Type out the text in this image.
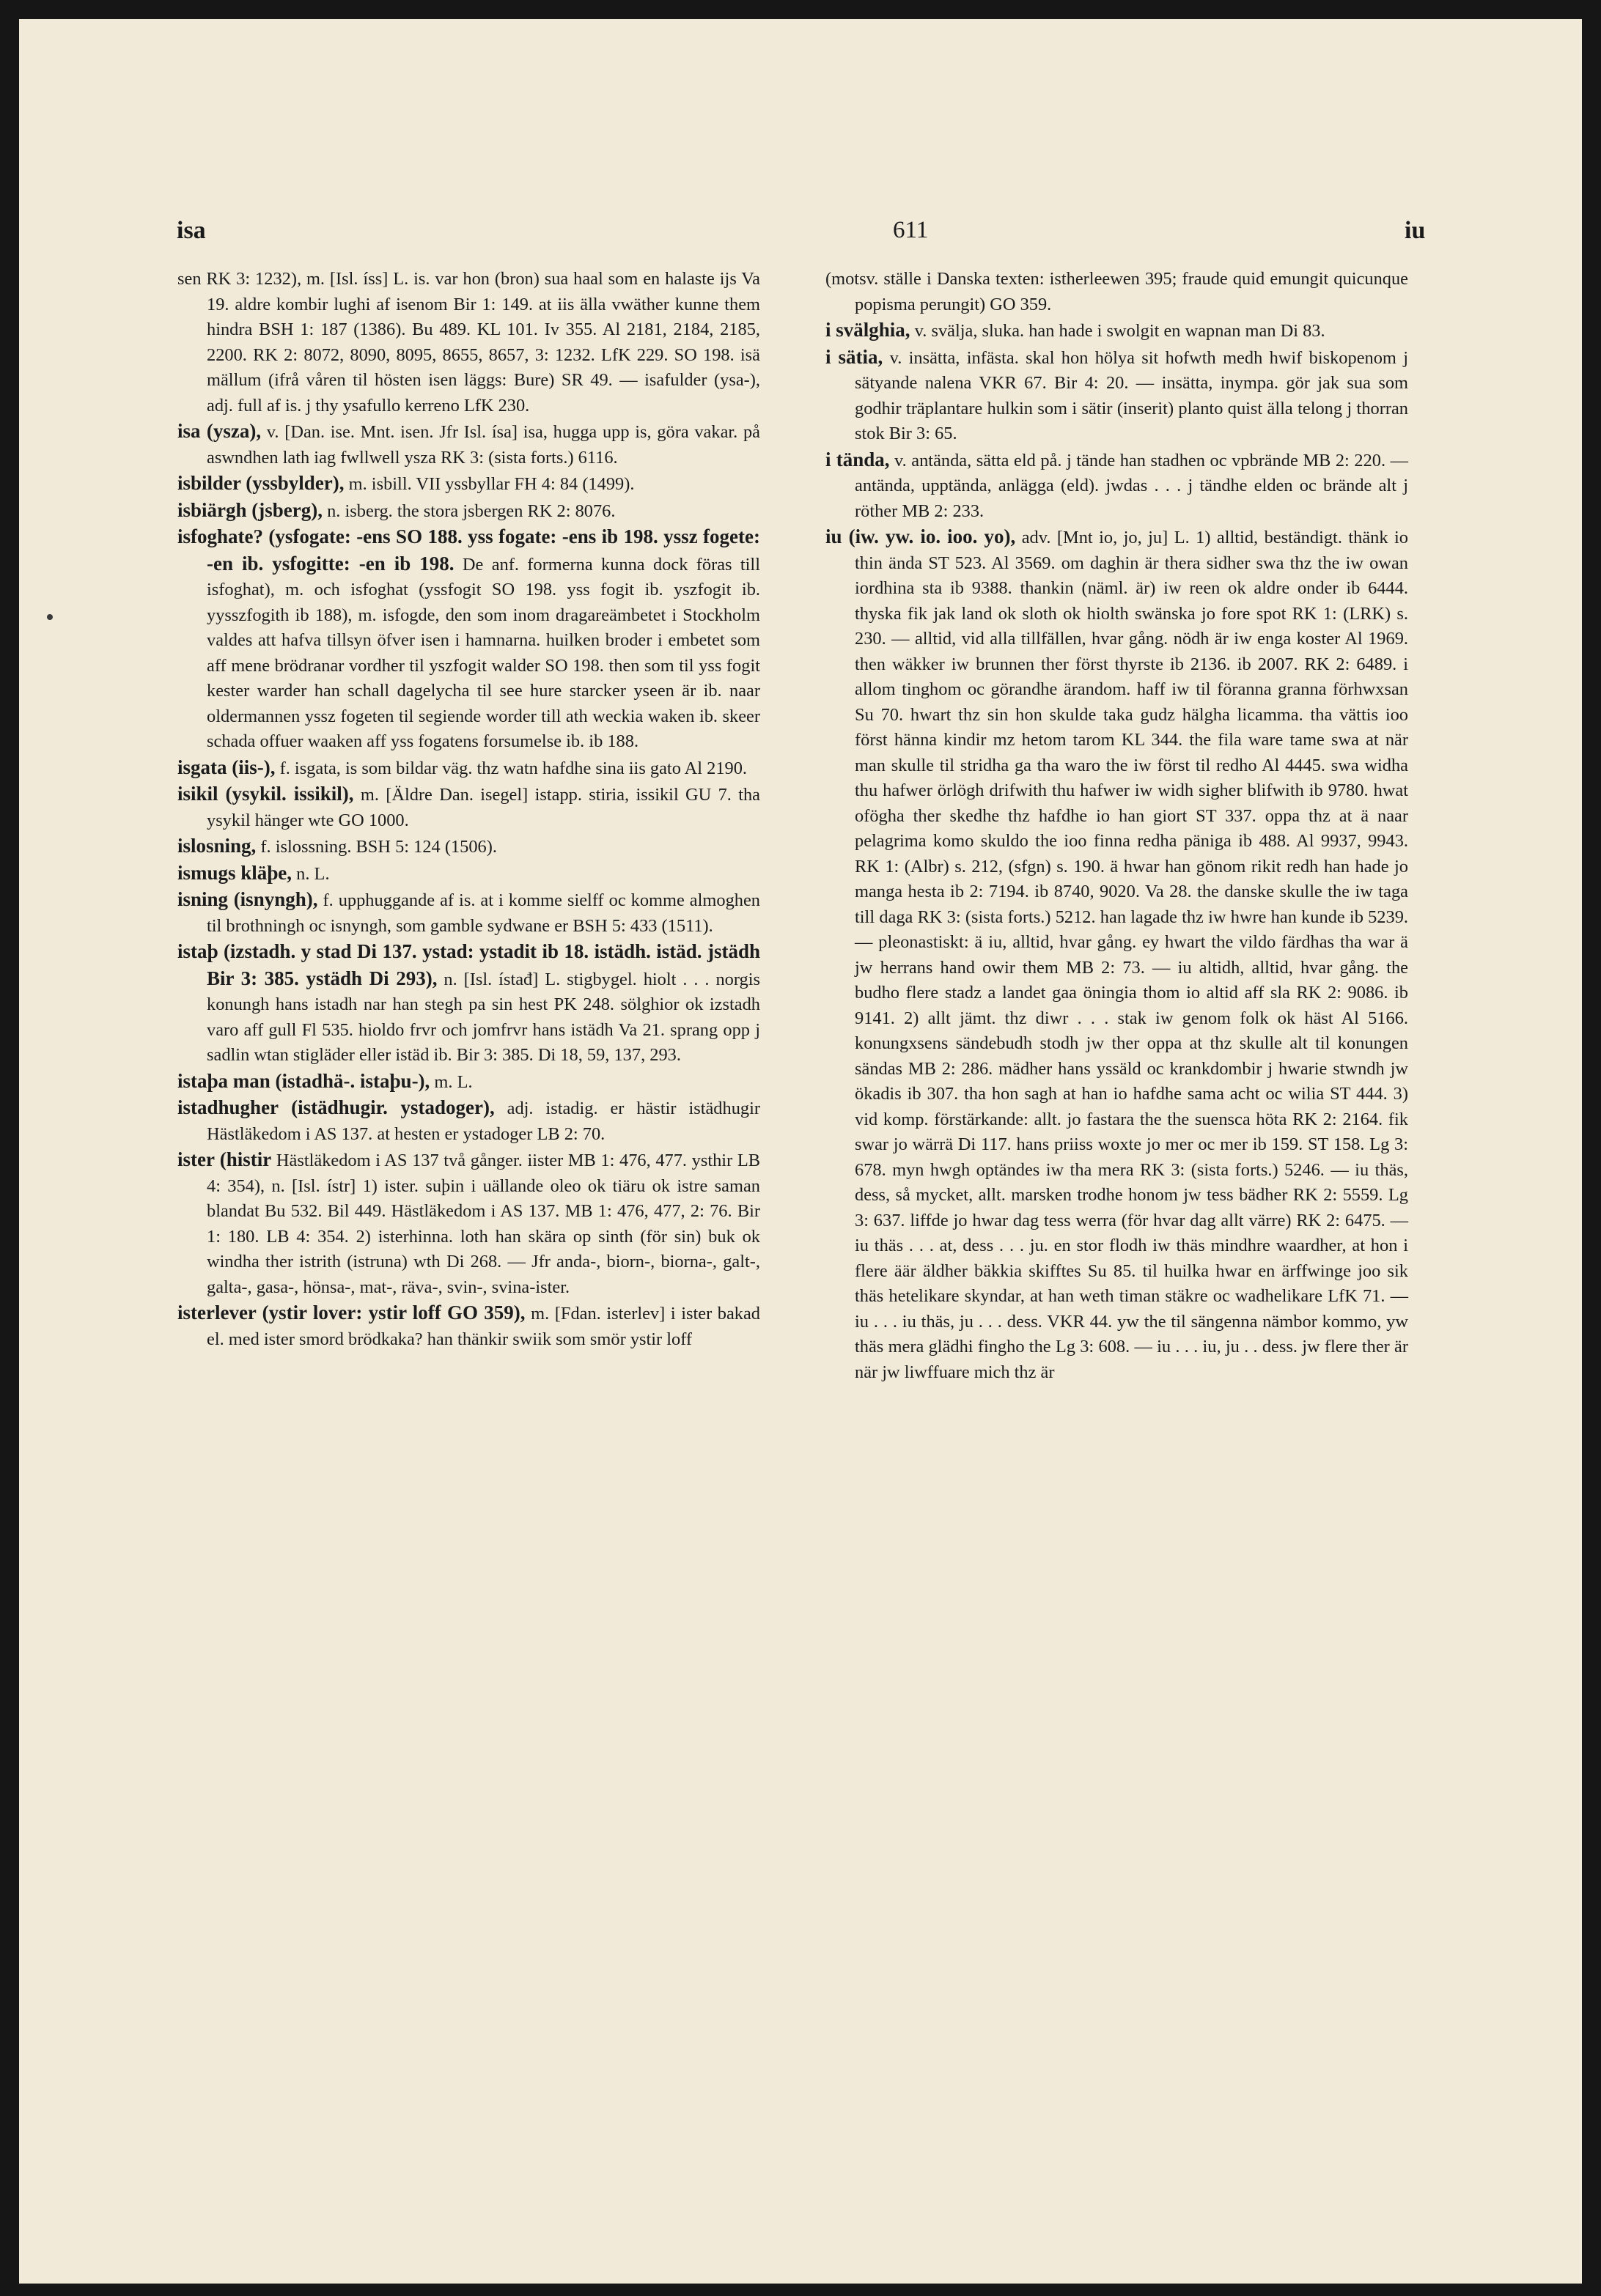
isa	611	iu

sen RK 3: 1232), m. [Isl. íss] L. is. var hon (bron) sua haal som en halaste ijs Va 19. aldre kombir lughi af isenom Bir 1: 149. at iis älla vwäther kunne them hindra BSH 1: 187 (1386). Bu 489. KL 101. Iv 355. Al 2181, 2184, 2185, 2200. RK 2: 8072, 8090, 8095, 8655, 8657, 3: 1232. LfK 229. SO 198. isä mällum (ifrå våren til hösten isen läggs: Bure) SR 49. — isafulder (ysa-), adj. full af is. j thy ysafullo kerreno LfK 230.

isa (ysza), v. [Dan. ise. Mnt. isen. Jfr Isl. ísa] isa, hugga upp is, göra vakar. på aswndhen lath iag fwllwell ysza RK 3: (sista forts.) 6116.

isbilder (yssbylder), m. isbill. VII yssbyllar FH 4: 84 (1499).

isbiärgh (jsberg), n. isberg. the stora jsbergen RK 2: 8076.

isfoghate? (ysfogate: -ens SO 188. yss fogate: -ens ib 198. yssz fogete: -en ib. ysfogitte: -en ib 198. De anf. formerna kunna dock föras till isfoghat), m. och isfoghat (yssfogit SO 198. yss fogit ib. yszfogit ib. yysszfogith ib 188), m. isfogde, den som inom dragareämbetet i Stockholm valdes att hafva tillsyn öfver isen i hamnarna. huilken broder i embetet som aff mene brödranar vordher til yszfogit walder SO 198. then som til yss fogit kester warder han schall dagelycha til see hure starcker yseen är ib. naar oldermannen yssz fogeten til segiende worder till ath weckia waken ib. skeer schada offuer waaken aff yss fogatens forsumelse ib. ib 188.

isgata (iis-), f. isgata, is som bildar väg. thz watn hafdhe sina iis gato Al 2190.

isikil (ysykil. issikil), m. [Äldre Dan. isegel] istapp. stiria, issikil GU 7. tha ysykil hänger wte GO 1000.

islosning, f. islossning. BSH 5: 124 (1506).

ismugs kläþe, n. L.

isning (isnyngh), f. upphuggande af is. at i komme sielff oc komme almoghen til brothningh oc isnyngh, som gamble sydwane er BSH 5: 433 (1511).

istaþ (izstadh. y stad Di 137. ystad: ystadit ib 18. istädh. istäd. jstädh Bir 3: 385. ystädh Di 293), n. [Isl. ístađ] L. stigbygel. hiolt . . . norgis konungh hans istadh nar han stegh pa sin hest PK 248. sölghior ok izstadh varo aff gull Fl 535. hioldo frvr och jomfrvr hans istädh Va 21. sprang opp j sadlin wtan stigläder eller istäd ib. Bir 3: 385. Di 18, 59, 137, 293.

istaþa man (istadhä-. istaþu-), m. L.

istadhugher (istädhugir. ystadoger), adj. istadig. er hästir istädhugir Hästläkedom i AS 137. at hesten er ystadoger LB 2: 70.

ister (histir Hästläkedom i AS 137 två gånger. iister MB 1: 476, 477. ysthir LB 4: 354), n. [Isl. ístr] 1) ister. suþin i uällande oleo ok tiäru ok istre saman blandat Bu 532. Bil 449. Hästläkedom i AS 137. MB 1: 476, 477, 2: 76. Bir 1: 180. LB 4: 354. 2) isterhinna. loth han skära op sinth (för sin) buk ok windha ther istrith (istruna) wth Di 268. — Jfr anda-, biorn-, biorna-, galt-, galta-, gasa-, hönsa-, mat-, räva-, svin-, svina-ister.

isterlever (ystir lover: ystir loff GO 359), m. [Fdan. isterlev] i ister bakad el. med ister smord brödkaka? han thänkir swiik som smör ystir loff

(motsv. ställe i Danska texten: istherleewen 395; fraude quid emungit quicunque popisma perungit) GO 359.

i svälghia, v. svälja, sluka. han hade i swolgit en wapnan man Di 83.

i sätia, v. insätta, infästa. skal hon hölya sit hofwth medh hwif biskopenom j sätyande nalena VKR 67. Bir 4: 20. — insätta, inympa. gör jak sua som godhir träplantare hulkin som i sätir (inserit) planto quist älla telong j thorran stok Bir 3: 65.

i tända, v. antända, sätta eld på. j tände han stadhen oc vpbrände MB 2: 220. — antända, upptända, anlägga (eld). jwdas . . . j tändhe elden oc brände alt j röther MB 2: 233.

iu (iw. yw. io. ioo. yo), adv. [Mnt io, jo, ju] L. 1) alltid, beständigt. thänk io thin ända ST 523. Al 3569. om daghin är thera sidher swa thz the iw owan iordhina sta ib 9388. thankin (näml. är) iw reen ok aldre onder ib 6444. thyska fik jak land ok sloth ok hiolth swänska jo fore spot RK 1: (LRK) s. 230. — alltid, vid alla tillfällen, hvar gång. nödh är iw enga koster Al 1969. then wäkker iw brunnen ther först thyrste ib 2136. ib 2007. RK 2: 6489. i allom tinghom oc görandhe ärandom. haff iw til föranna granna förhwxsan Su 70. hwart thz sin hon skulde taka gudz hälgha licamma. tha vättis ioo först hänna kindir mz hetom tarom KL 344. the fila ware tame swa at när man skulle til stridha ga tha waro the iw först til redho Al 4445. swa widha thu hafwer örlögh drifwith thu hafwer iw widh sigher blifwith ib 9780. hwat ofögha ther skedhe thz hafdhe io han giort ST 337. oppa thz at ä naar pelagrima komo skuldo the ioo finna redha päniga ib 488. Al 9937, 9943. RK 1: (Albr) s. 212, (sfgn) s. 190. ä hwar han gönom rikit redh han hade jo manga hesta ib 2: 7194. ib 8740, 9020. Va 28. the danske skulle the iw taga till daga RK 3: (sista forts.) 5212. han lagade thz iw hwre han kunde ib 5239. — pleonastiskt: ä iu, alltid, hvar gång. ey hwart the vildo färdhas tha war ä jw herrans hand owir them MB 2: 73. — iu altidh, alltid, hvar gång. the budho flere stadz a landet gaa öningia thom io altid aff sla RK 2: 9086. ib 9141. 2) allt jämt. thz diwr . . . stak iw genom folk ok häst Al 5166. konungxsens sändebudh stodh jw ther oppa at thz skulle alt til konungen sändas MB 2: 286. mädher hans yssäld oc krankdombir j hwarie stwndh jw ökadis ib 307. tha hon sagh at han io hafdhe sama acht oc wilia ST 444. 3) vid komp. förstärkande: allt. jo fastara the the suensca höta RK 2: 2164. fik swar jo wärrä Di 117. hans priiss woxte jo mer oc mer ib 159. ST 158. Lg 3: 678. myn hwgh optändes iw tha mera RK 3: (sista forts.) 5246. — iu thäs, dess, så mycket, allt. marsken trodhe honom jw tess bädher RK 2: 5559. Lg 3: 637. liffde jo hwar dag tess werra (för hvar dag allt värre) RK 2: 6475. — iu thäs . . . at, dess . . . ju. en stor flodh iw thäs mindhre waardher, at hon i flere äär äldher bäkkia skifftes Su 85. til huilka hwar en ärffwinge joo sik thäs hetelikare skyndar, at han weth timan stäkre oc wadhelikare LfK 71. — iu . . . iu thäs, ju . . . dess. VKR 44. yw the til sängenna nämbor kommo, yw thäs mera glädhi fingho the Lg 3: 608. — iu . . . iu, ju . . dess. jw flere ther är när jw liwffuare mich thz är
